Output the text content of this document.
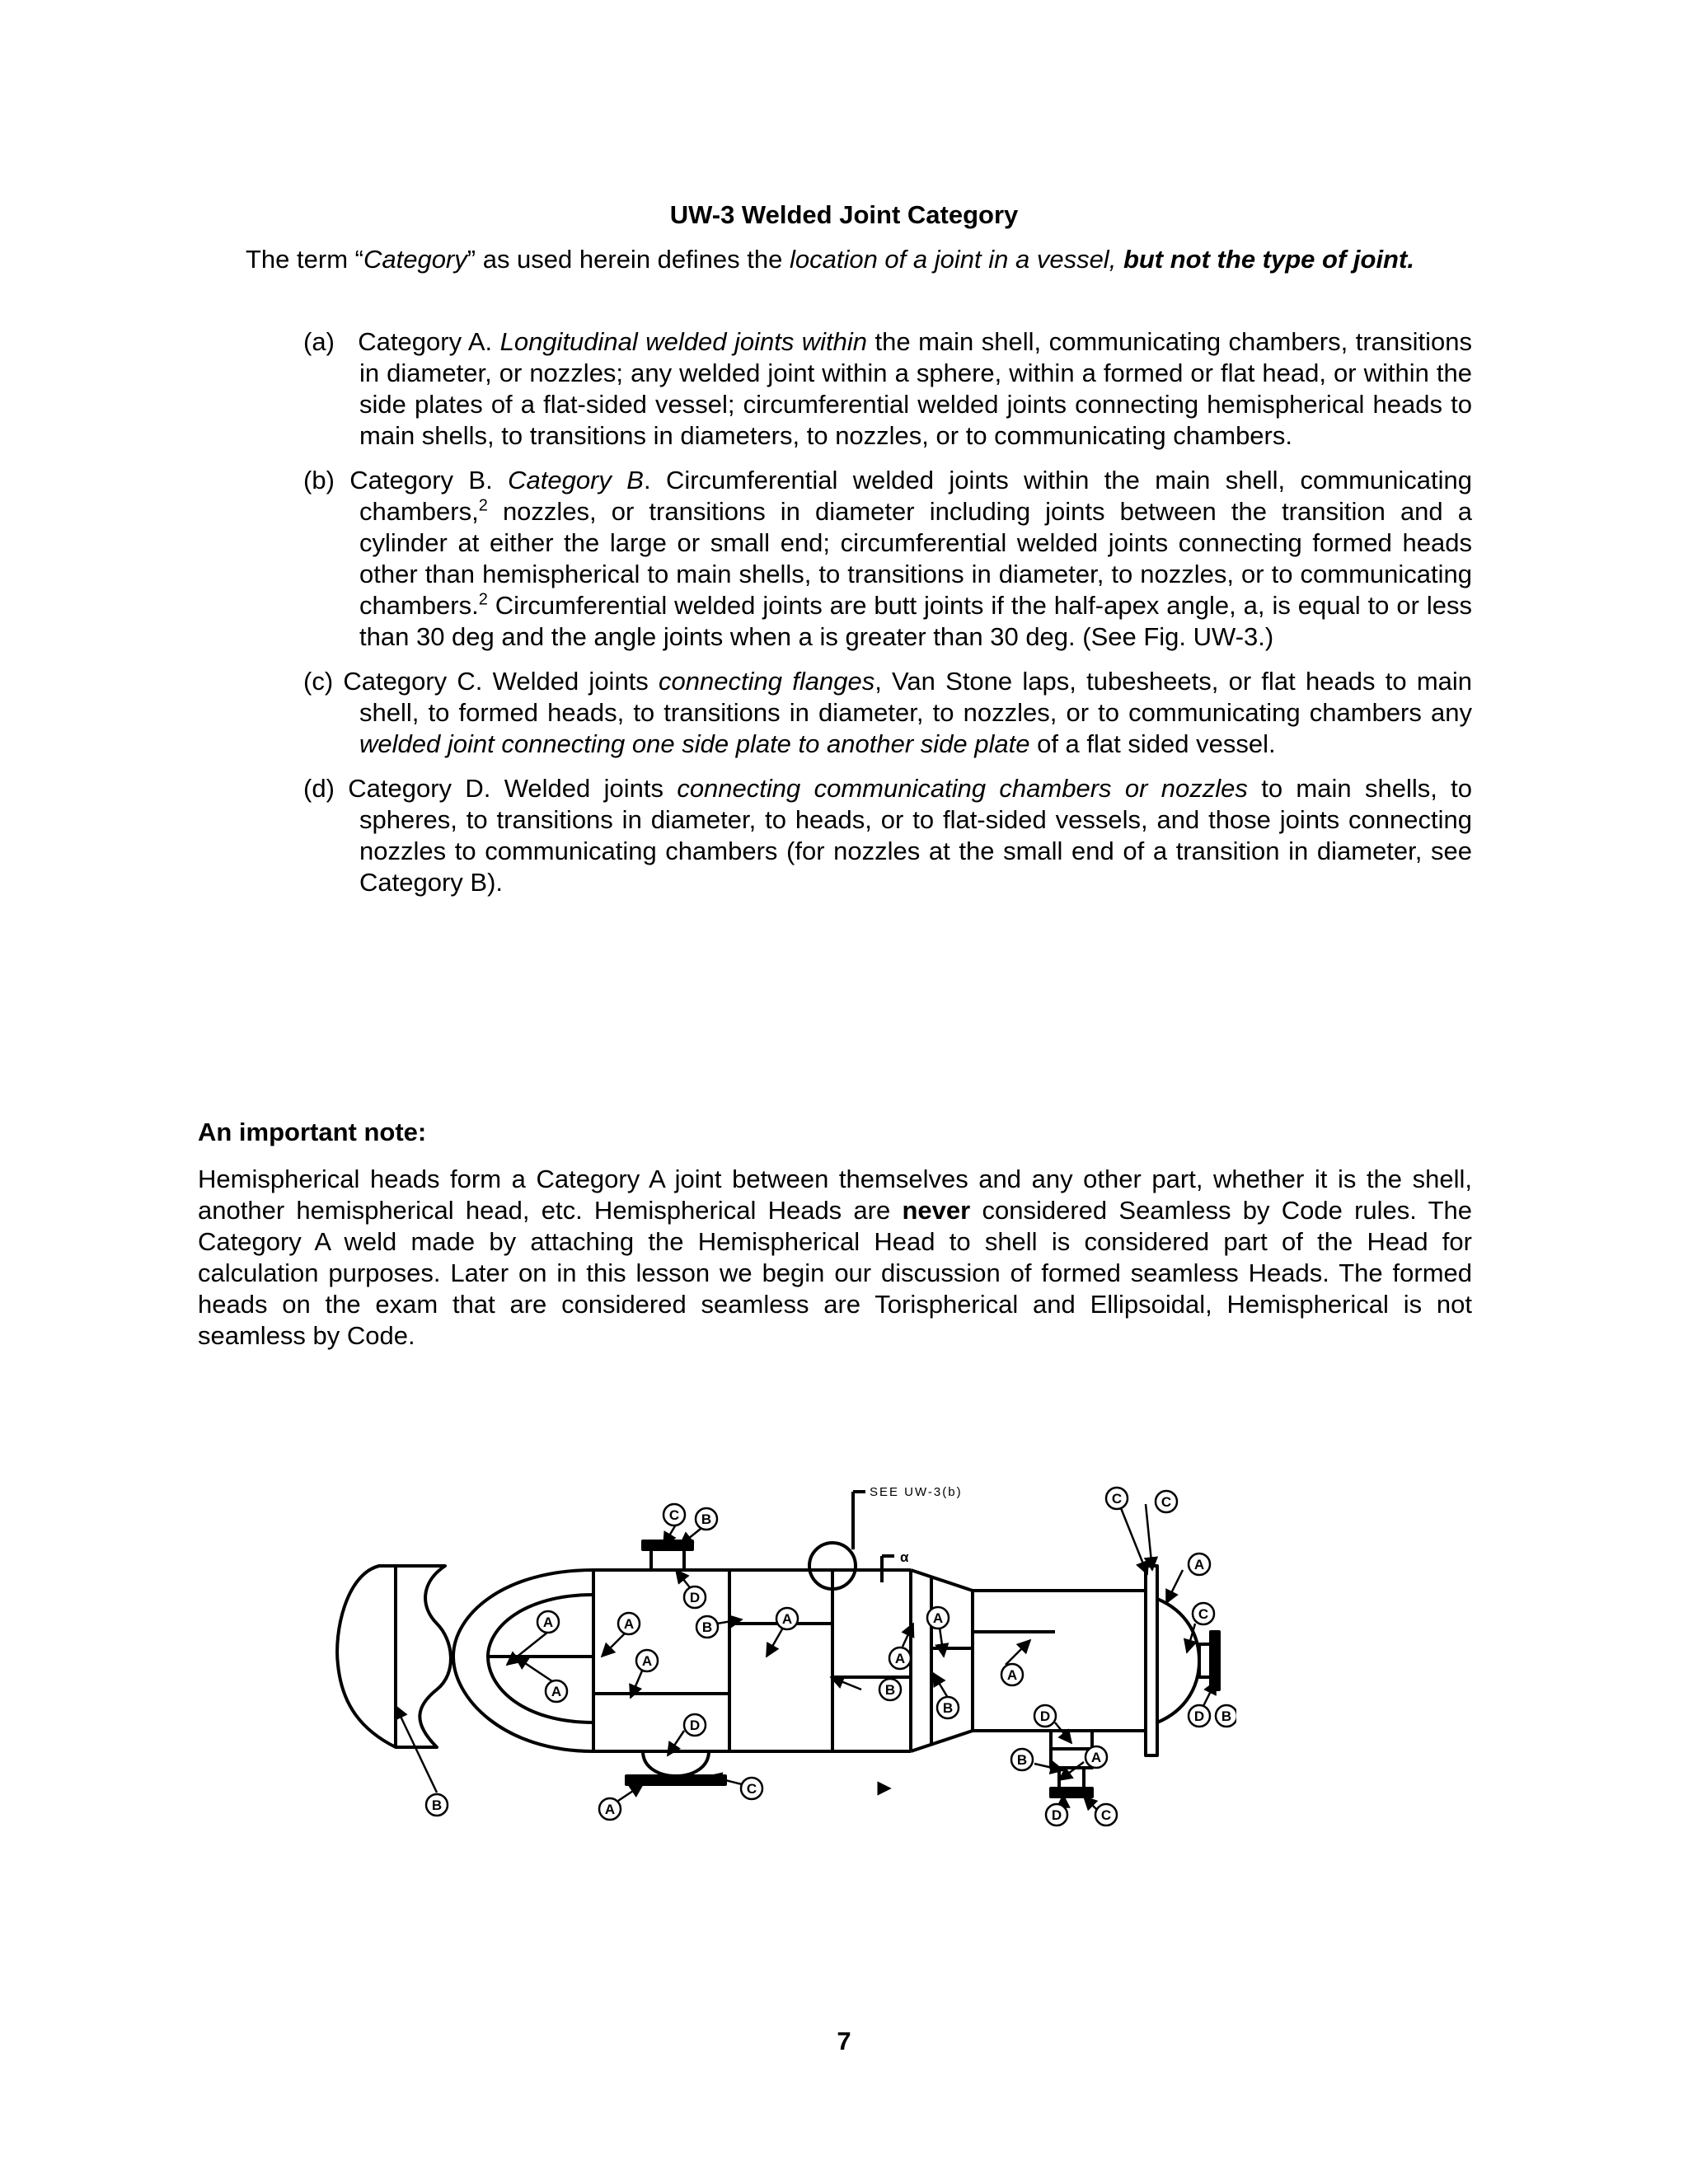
UW-3 Welded Joint Category
The term “Category” as used herein defines the location of a joint in a vessel, but not the type of joint.
(a)   Category A. Longitudinal welded joints within the main shell, communicating chambers, transitions in diameter, or nozzles; any welded joint within a sphere, within a formed or flat head, or within the side plates of a flat-sided vessel; circumferential welded joints connecting hemispherical heads to main shells, to transitions in diameters, to nozzles, or to communicating chambers.
(b) Category B. Category B. Circumferential welded joints within the main shell, communicating chambers,$^2$ nozzles, or transitions in diameter including joints between the transition and a cylinder at either the large or small end; circumferential welded joints connecting formed heads other than hemispherical to main shells, to transitions in diameter, to nozzles, or to communicating chambers.$^2$ Circumferential welded joints are butt joints if the half-apex angle, a, is equal to or less than 30 deg and the angle joints when a is greater than 30 deg. (See Fig. UW-3.)
(c) Category C. Welded joints connecting flanges, Van Stone laps, tubesheets, or flat heads to main shell, to formed heads, to transitions in diameter, to nozzles, or to communicating chambers any welded joint connecting one side plate to another side plate of a flat sided vessel.
(d) Category D. Welded joints connecting communicating chambers or nozzles to main shells, to spheres, to transitions in diameter, to heads, or to flat-sided vessels, and those joints connecting nozzles to communicating chambers (for nozzles at the small end of a transition in diameter, see Category B).
An important note:
Hemispherical heads form a Category A joint between themselves and any other part, whether it is the shell, another hemispherical head, etc. Hemispherical Heads are never considered Seamless by Code rules. The Category A weld made by attaching the Hemispherical Head to shell is considered part of the Head for calculation purposes. Later on in this lesson we begin our discussion of formed seamless Heads. The formed heads on the exam that are considered seamless are Torispherical and Ellipsoidal, Hemispherical is not seamless by Code.
B
A
A
A
A
B
A
D
D
C B
A
B
A
B
A
C	C
A
C
D B
D
B	A
D	C
C
A
SEE UW-3(b)
α
7
